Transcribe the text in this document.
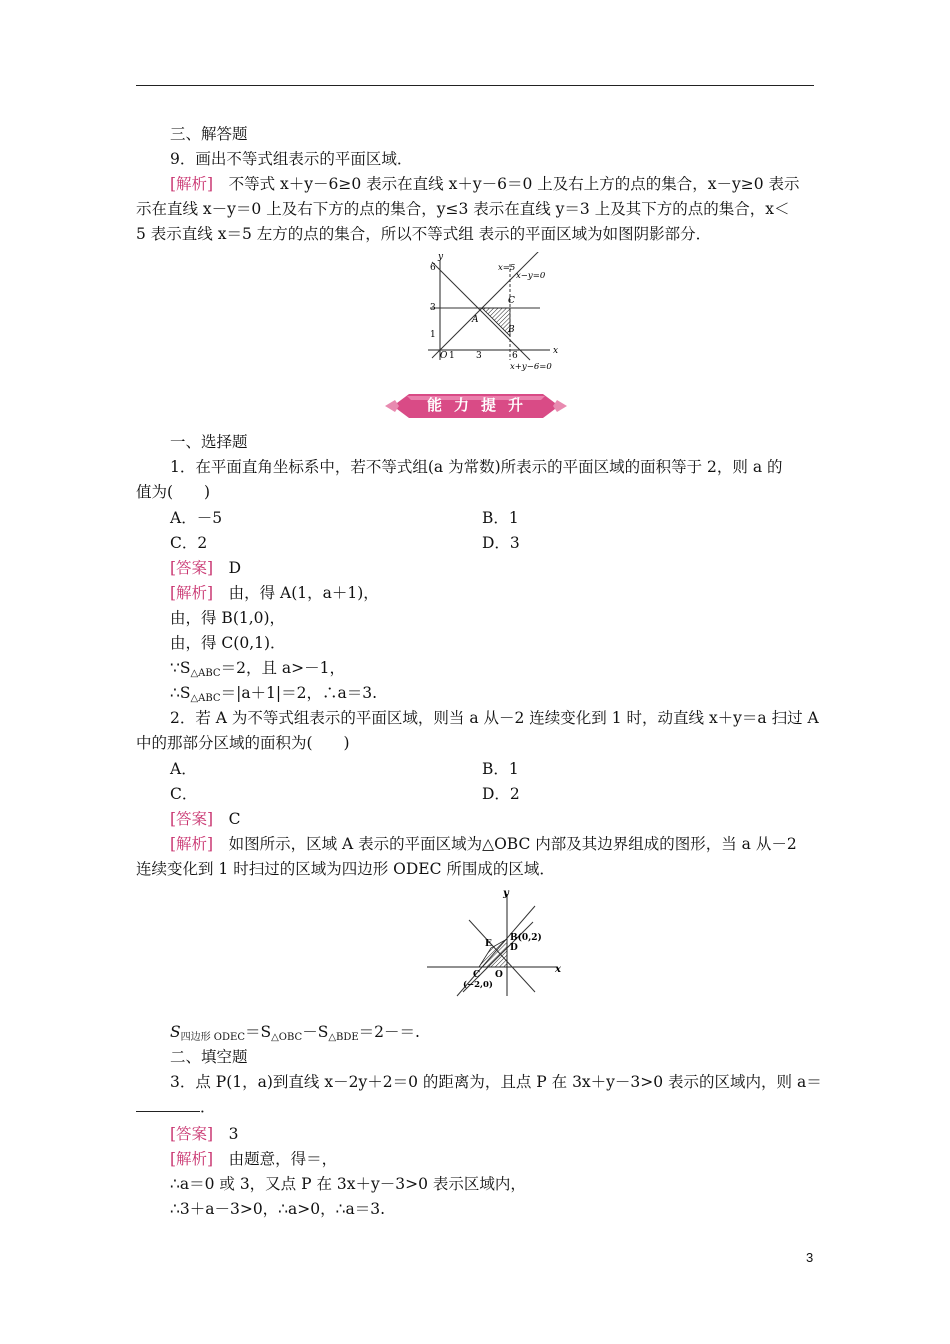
三、解答题
9．画出不等式组表示的平面区域．
[解析]　不等式 x＋y－6≥0 表示在直线 x＋y－6＝0 上及右上方的点的集合，x－y≥0 表示
示在直线 x－y＝0 上及右下方的点的集合，y≤3 表示在直线 y＝3 上及其下方的点的集合，x＜
5 表示直线 x＝5 左方的点的集合，所以不等式组 表示的平面区域为如图阴影部分．
y
x
6
3
1
O 1 3	6
x=5
x−y=0
x+y−6=0
A
B
C
能力提升
一、选择题
1．在平面直角坐标系中，若不等式组(a 为常数)所表示的平面区域的面积等于 2，则 a 的
值为(　　)
A．－5	B．1
C．2	D．3
[答案]　D
[解析]　由，得 A(1，a＋1)，
由，得 B(1,0)，
由，得 C(0,1)．
∵S△ABC＝2，且 a>－1，
∴S△ABC＝|a＋1|＝2，∴a＝3.
2．若 A 为不等式组表示的平面区域，则当 a 从－2 连续变化到 1 时，动直线 x＋y＝a 扫过 A
中的那部分区域的面积为(　　)
A．	B．1
C．	D．2
[答案]　C
[解析]　如图所示，区域 A 表示的平面区域为△OBC 内部及其边界组成的图形，当 a 从－2
连续变化到 1 时扫过的区域为四边形 ODEC 所围成的区域．
y
x
B(0,2)
D
E
C
(−2,0)
O
S四边形 ODEC＝S△OBC－S△BDE＝2－＝.
二、填空题
3．点 P(1，a)到直线 x－2y＋2＝0 的距离为，且点 P 在 3x＋y－3>0 表示的区域内，则 a＝
．
[答案]　3
[解析]　由题意，得＝，
∴a＝0 或 3，又点 P 在 3x＋y－3>0 表示区域内，
∴3＋a－3>0，∴a>0，∴a＝3.
3
